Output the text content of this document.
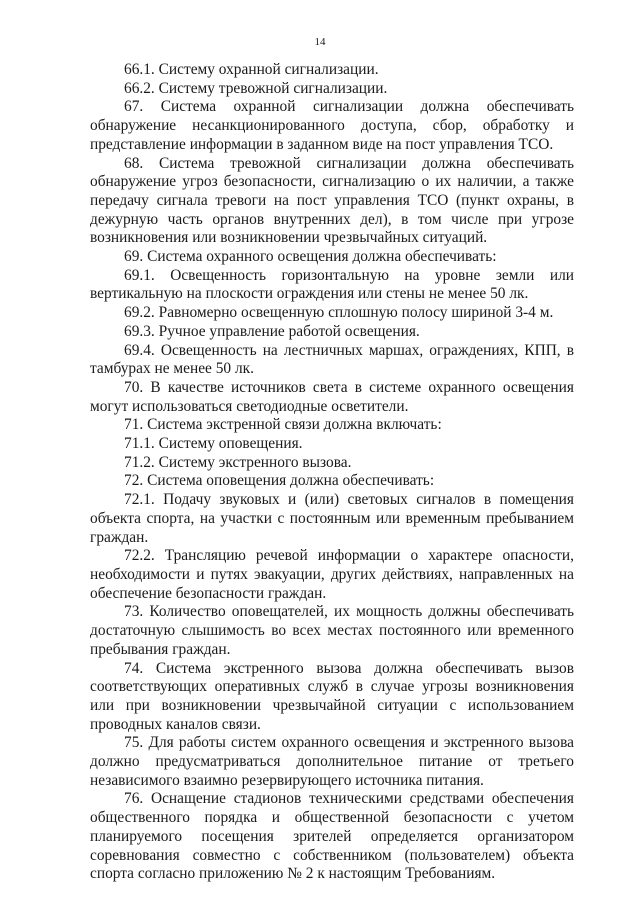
14

66.1. Систему охранной сигнализации.

66.2. Систему тревожной сигнализации.

67. Система охранной сигнализации должна обеспечивать обнаружение несанкционированного доступа, сбор, обработку и представление информации в заданном виде на пост управления ТСО.

68. Система тревожной сигнализации должна обеспечивать обнаружение угроз безопасности, сигнализацию о их наличии, а также передачу сигнала тревоги на пост управления ТСО (пункт охраны, в дежурную часть органов внутренних дел), в том числе при угрозе возникновения или возникновении чрезвычайных ситуаций.

69. Система охранного освещения должна обеспечивать:

69.1. Освещенность горизонтальную на уровне земли или вертикальную на плоскости ограждения или стены не менее 50 лк.

69.2. Равномерно освещенную сплошную полосу шириной 3-4 м.

69.3. Ручное управление работой освещения.

69.4. Освещенность на лестничных маршах, ограждениях, КПП, в тамбурах не менее 50 лк.

70. В качестве источников света в системе охранного освещения могут использоваться светодиодные осветители.

71. Система экстренной связи должна включать:

71.1. Систему оповещения.

71.2. Систему экстренного вызова.

72. Система оповещения должна обеспечивать:

72.1. Подачу звуковых и (или) световых сигналов в помещения объекта спорта, на участки с постоянным или временным пребыванием граждан.

72.2. Трансляцию речевой информации о характере опасности, необходимости и путях эвакуации, других действиях, направленных на обеспечение безопасности граждан.

73. Количество оповещателей, их мощность должны обеспечивать достаточную слышимость во всех местах постоянного или временного пребывания граждан.

74. Система экстренного вызова должна обеспечивать вызов соответствующих оперативных служб в случае угрозы возникновения или при возникновении чрезвычайной ситуации с использованием проводных каналов связи.

75. Для работы систем охранного освещения и экстренного вызова должно предусматриваться дополнительное питание от третьего независимого взаимно резервирующего источника питания.

76. Оснащение стадионов техническими средствами обеспечения общественного порядка и общественной безопасности с учетом планируемого посещения зрителей определяется организатором соревнования совместно с собственником (пользователем) объекта спорта согласно приложению № 2 к настоящим Требованиям.
